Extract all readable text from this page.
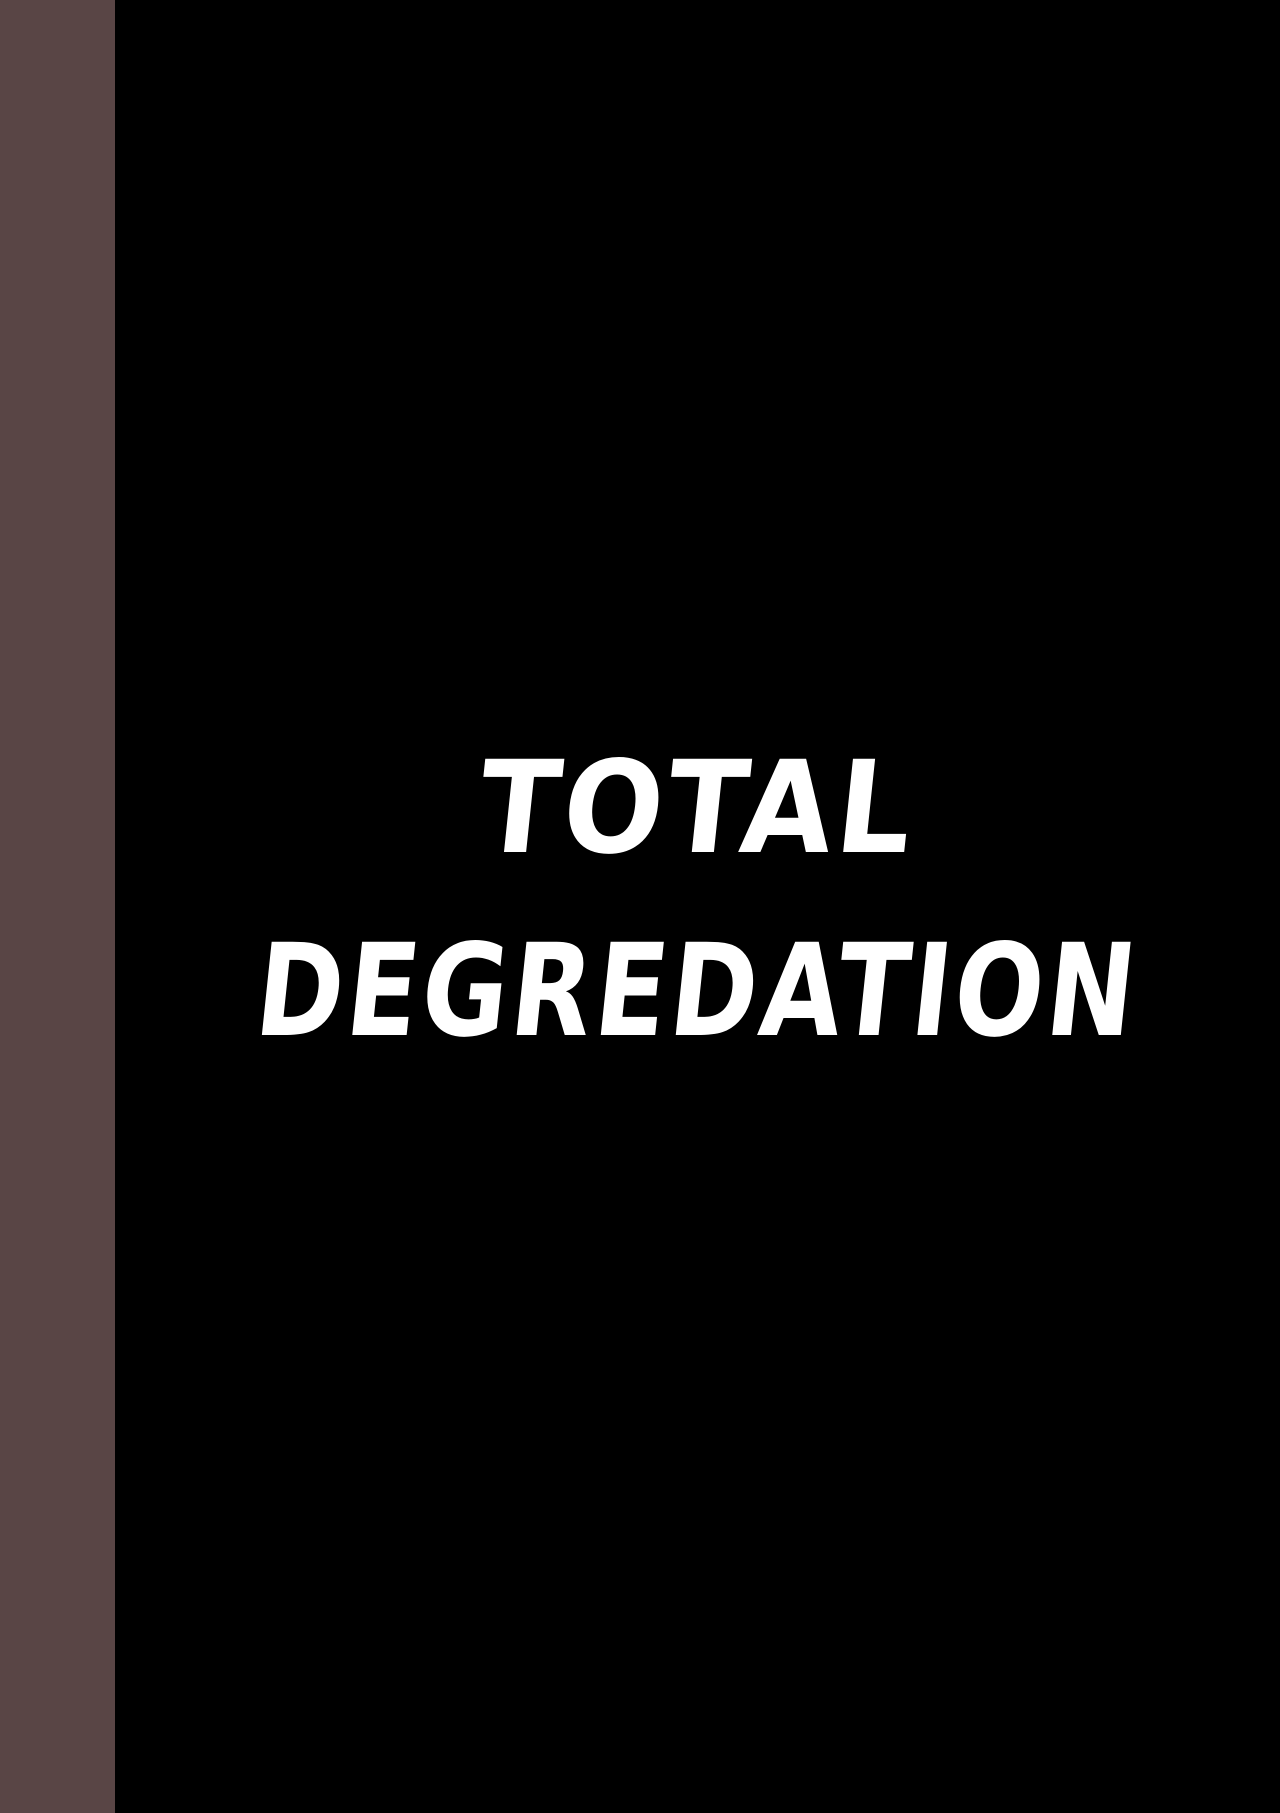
TOTAL
DEGREDATION
